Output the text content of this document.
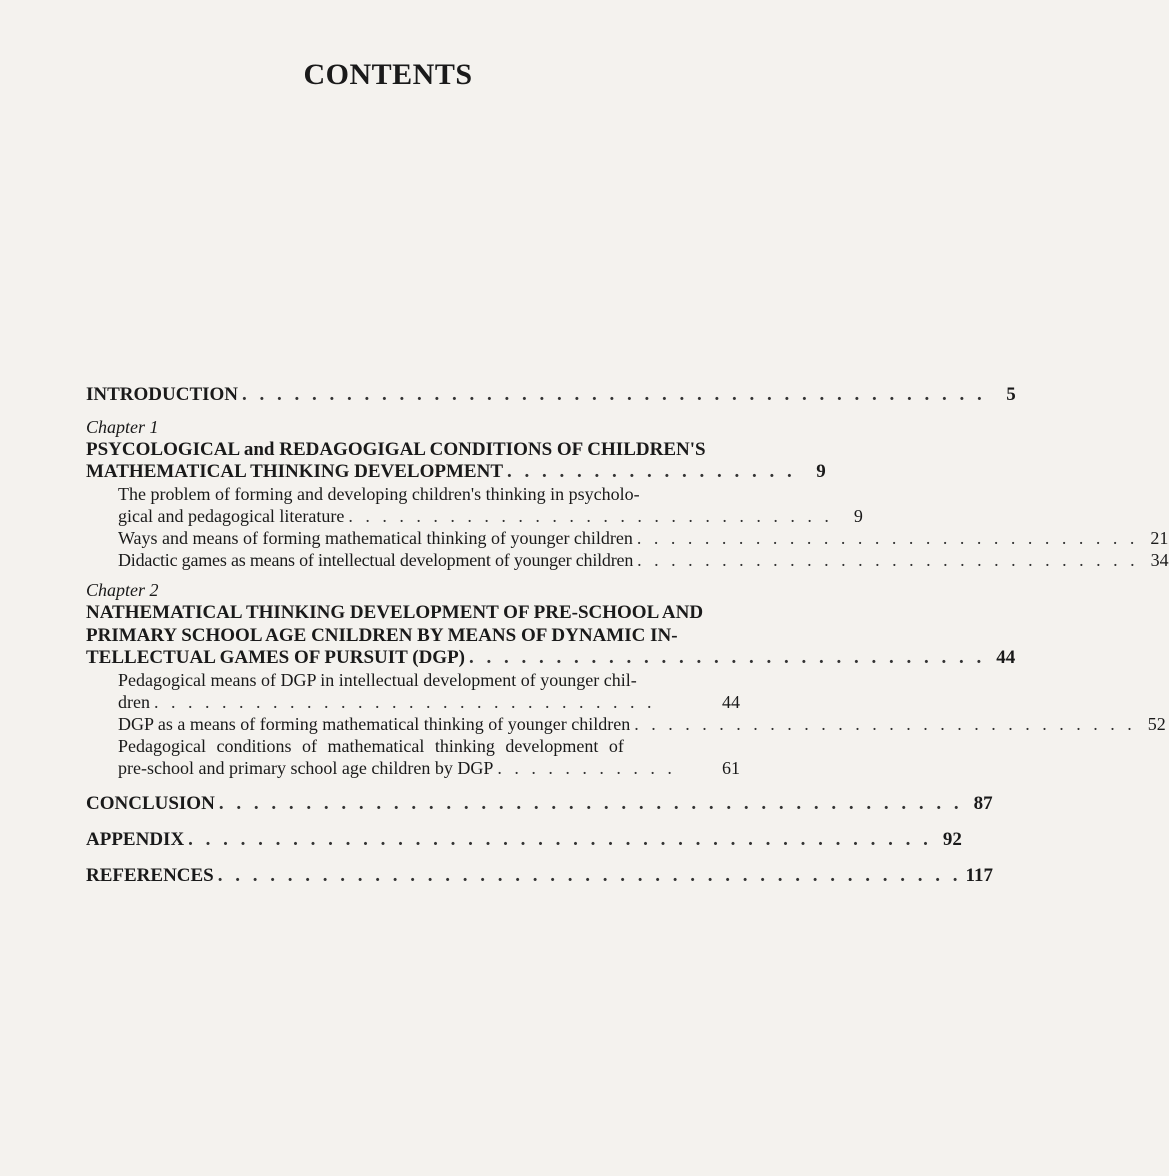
CONTENTS
INTRODUCTION . . . . . . . . . . . . . . . . . . . . . . . . . . . . . . . . . . . . . . . . . . .	5
Chapter 1
PSYCOLOGICAL and REDAGOGIGAL CONDITIONS OF CHILDREN'S
MATHEMATICAL THINKING DEVELOPMENT . . . . . . . . . . . . . . . . .	9
The problem of forming and developing children's thinking in psycholo-
gical and pedagogical literature . . . . . . . . . . . . . . . . . . . . . . . . . . . . .	9
Ways and means of forming mathematical thinking of younger children . . . . . . . . . . . . . . . . . . . . . . . . . . . . . . 21
Didactic games as means of intellectual development of younger children . . . . . . . . . . . . . . . . . . . . . . . . . . . . . . 34
Chapter 2
NATHEMATICAL THINKING DEVELOPMENT OF PRE-SCHOOL AND
PRIMARY SCHOOL AGE CNILDREN BY MEANS OF DYNAMIC IN-
TELLECTUAL GAMES OF PURSUIT (DGP) . . . . . . . . . . . . . . . . . . . . . . . . . . . . . . 44
Pedagogical means of DGP in intellectual development of younger chil-
dren . . . . . . . . . . . . . . . . . . . . . . . . . . . . . .	44
DGP as a means of forming mathematical thinking of younger children . . . . . . . . . . . . . . . . . . . . . . . . . . . . . . 52
Pedagogical conditions of mathematical thinking development of
pre-school and primary school age children by DGP . . . . . . . . . . .	61
CONCLUSION . . . . . . . . . . . . . . . . . . . . . . . . . . . . . . . . . . . . . . . . . . . 87
APPENDIX . . . . . . . . . . . . . . . . . . . . . . . . . . . . . . . . . . . . . . . . . . . 92
REFERENCES . . . . . . . . . . . . . . . . . . . . . . . . . . . . . . . . . . . . . . . . . . . 117
